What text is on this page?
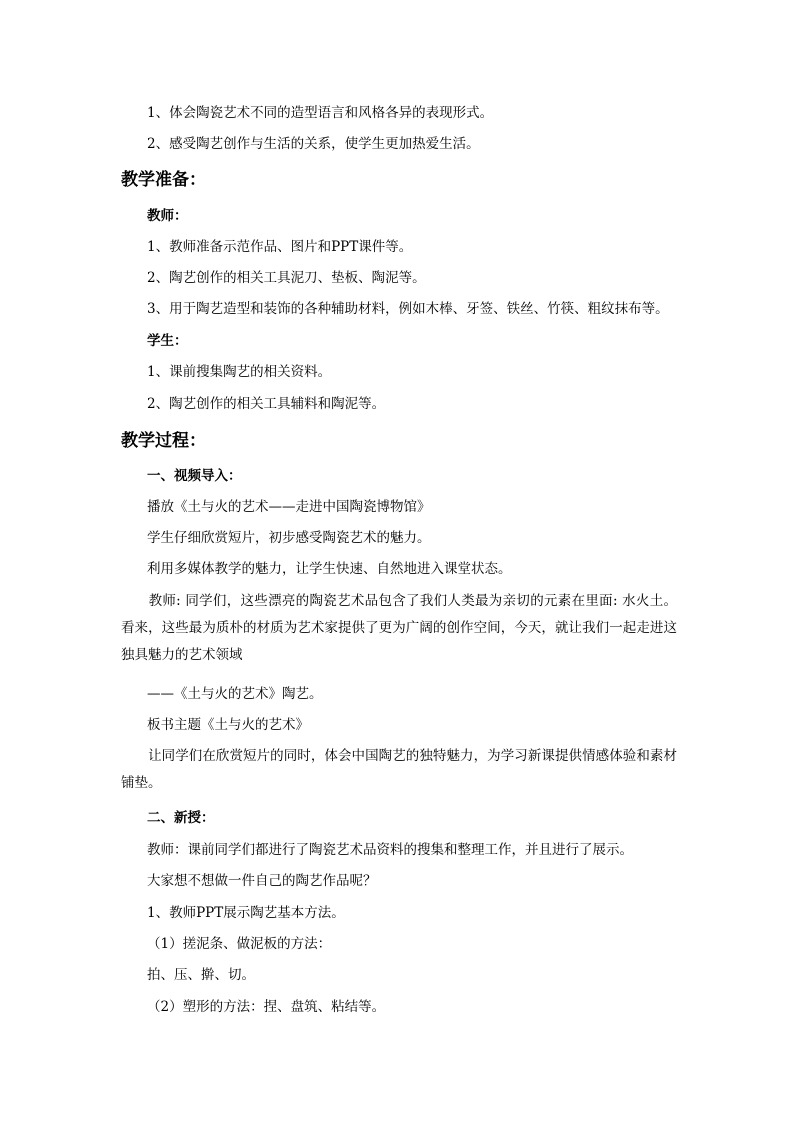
1、体会陶瓷艺术不同的造型语言和风格各异的表现形式。
2、感受陶艺创作与生活的关系，使学生更加热爱生活。
教学准备：
教师：
1、教师准备示范作品、图片和PPT课件等。
2、陶艺创作的相关工具泥刀、垫板、陶泥等。
3、用于陶艺造型和装饰的各种辅助材料，例如木棒、牙签、铁丝、竹筷、粗纹抹布等。
学生：
1、课前搜集陶艺的相关资料。
2、陶艺创作的相关工具辅料和陶泥等。
教学过程：
一、视频导入：
播放《土与火的艺术——走进中国陶瓷博物馆》
学生仔细欣赏短片，初步感受陶瓷艺术的魅力。
利用多媒体教学的魅力，让学生快速、自然地进入课堂状态。
　　教师: 同学们，这些漂亮的陶瓷艺术品包含了我们人类最为亲切的元素在里面: 水火土。看来，这些最为质朴的材质为艺术家提供了更为广阔的创作空间，今天，就让我们一起走进这独具魅力的艺术领域
——《土与火的艺术》陶艺。
板书主题《土与火的艺术》
　　让同学们在欣赏短片的同时，体会中国陶艺的独特魅力，为学习新课提供情感体验和素材铺垫。
二、新授：
教师：课前同学们都进行了陶瓷艺术品资料的搜集和整理工作，并且进行了展示。
大家想不想做一件自己的陶艺作品呢？
1、教师PPT展示陶艺基本方法。
（1）搓泥条、做泥板的方法：
拍、压、擀、切。
（2）塑形的方法：捏、盘筑、粘结等。
